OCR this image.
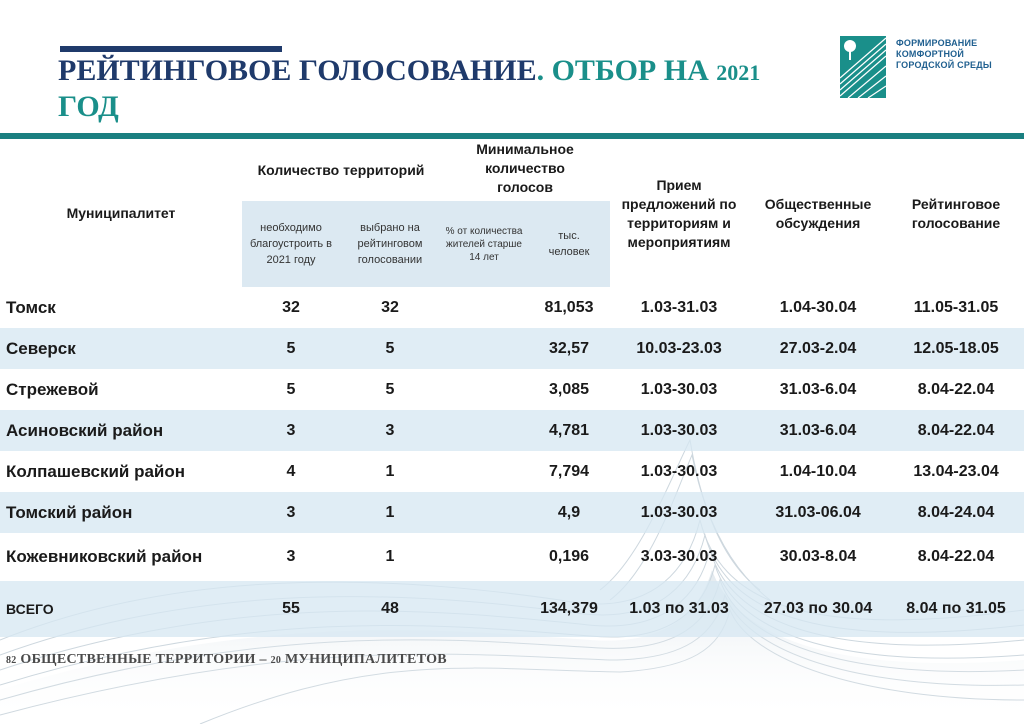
РЕЙТИНГОВОЕ ГОЛОСОВАНИЕ. ОТБОР НА 2021
ГОД
ФОРМИРОВАНИЕ
КОМФОРТНОЙ
ГОРОДСКОЙ СРЕДЫ
Муниципалитет	Количество территорий		Минимальное количество голосов		Прием предложений по территориям и мероприятиям	Общественные обсуждения	Рейтинговое голосование
	необходимо благоустроить в 2021 году	выбрано на рейтинговом голосовании	% от количества жителей старше 14 лет	тыс. человек			
Томск	32	32		81,053	1.03-31.03	1.04-30.04	11.05-31.05
Северск	5	5		32,57	10.03-23.03	27.03-2.04	12.05-18.05
Стрежевой	5	5		3,085	1.03-30.03	31.03-6.04	8.04-22.04
Асиновский район	3	3		4,781	1.03-30.03	31.03-6.04	8.04-22.04
Колпашевский район	4	1		7,794	1.03-30.03	1.04-10.04	13.04-23.04
Томский район	3	1		4,9	1.03-30.03	31.03-06.04	8.04-24.04
Кожевниковский район	3	1		0,196	3.03-30.03	30.03-8.04	8.04-22.04
ВСЕГО	55	48		134,379	1.03 по 31.03	27.03 по 30.04	8.04 по 31.05
82 ОБЩЕСТВЕННЫЕ ТЕРРИТОРИИ – 20 МУНИЦИПАЛИТЕТОВ
